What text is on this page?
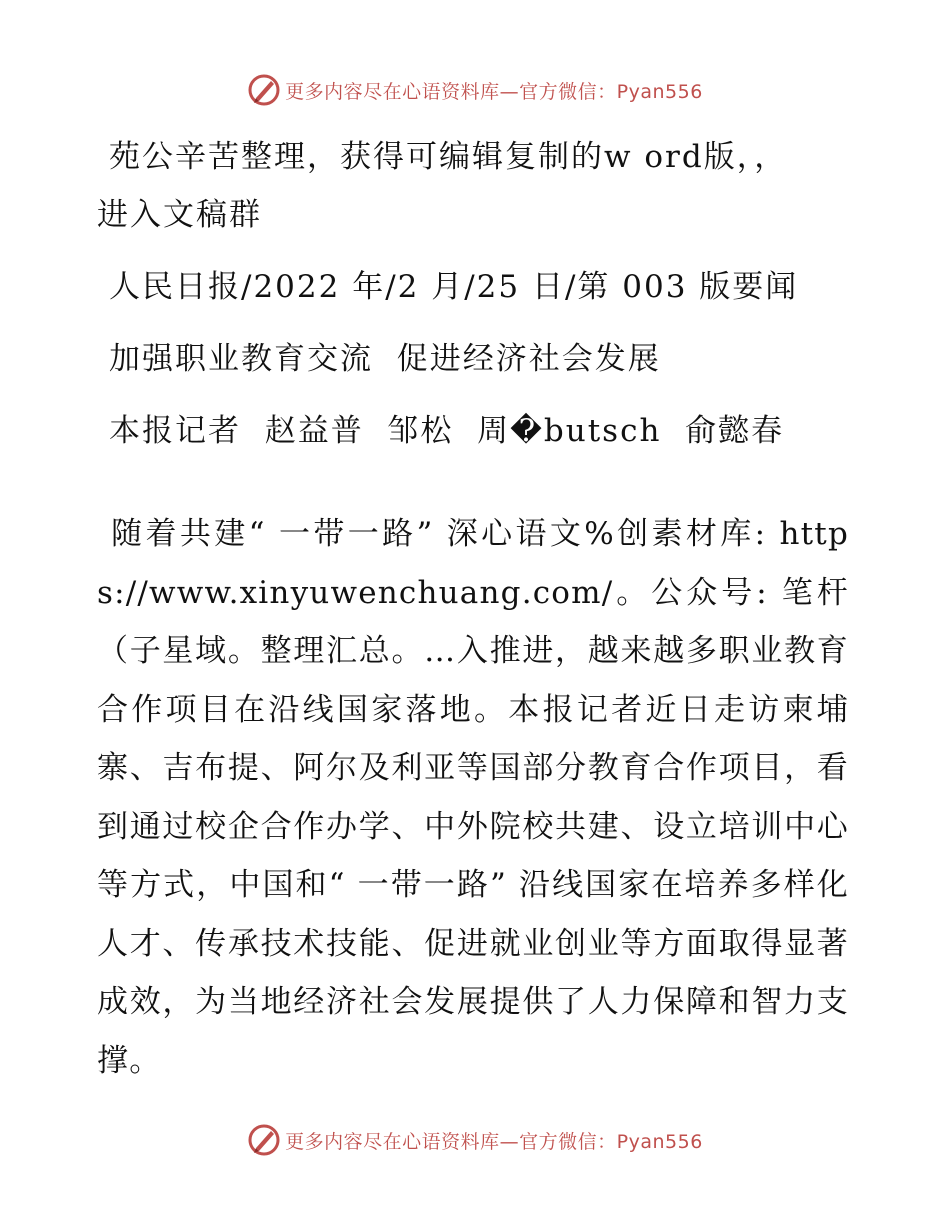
更多内容尽在心语资料库—官方微信：Pyan556

苑公辛苦整理，获得可编辑复制的w ord版，，

进入文稿群

人民日报/2022 年/2 月/25 日/第 003 版要闻

加强职业教育交流  促进经济社会发展

本报记者  赵益普  邹松  周�butsch  俞懿春

随着共建“ 一带一路” 深心语文%创素材库: https://www.xinyuwenchuang.com/。公众号: 笔杆（子星域。整理汇总。…入推进，越来越多职业教育合作项目在沿线国家落地。本报记者近日走访柬埔寨、吉布提、阿尔及利亚等国部分教育合作项目，看到通过校企合作办学、中外院校共建、设立培训中心等方式，中国和“ 一带一路” 沿线国家在培养多样化人才、传承技术技能、促进就业创业等方面取得显著成效，为当地经济社会发展提供了人力保障和智力支撑。

更多内容尽在心语资料库—官方微信：Pyan556
